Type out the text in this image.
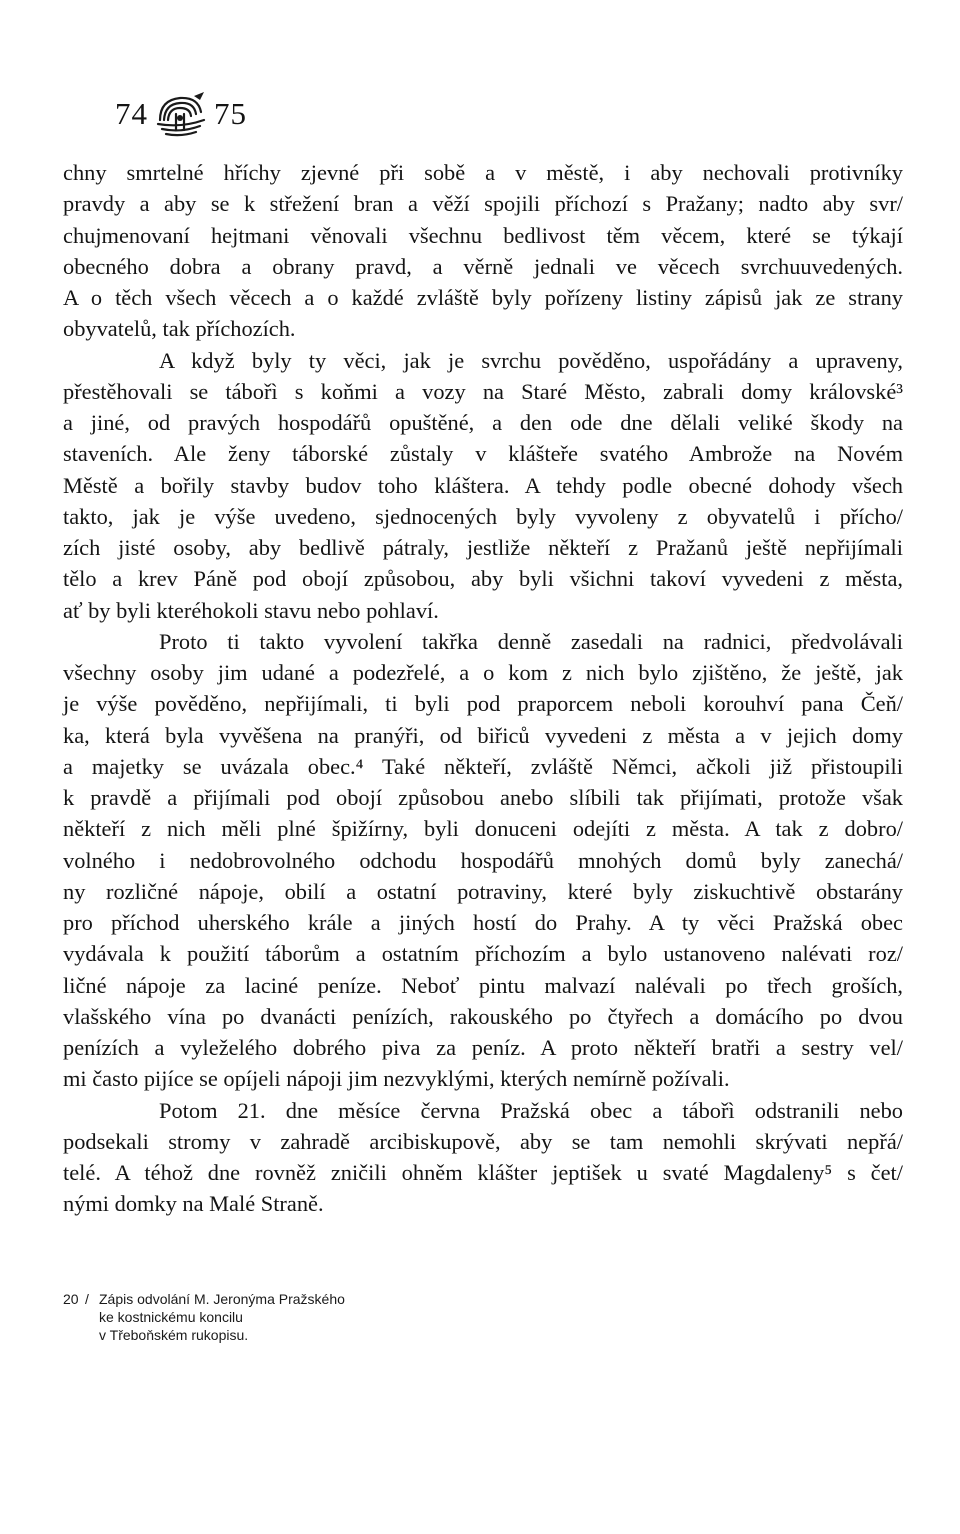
74 75

chny smrtelné hříchy zjevné při sobě a v městě, i aby nechovali protivníky
pravdy a aby se k střežení bran a věží spojili příchozí s Pražany; nadto aby svr/
chujmenovaní hejtmani věnovali všechnu bedlivost těm věcem, které se týkají
obecného dobra a obrany pravd, a věrně jednali ve věcech svrchuuvedených.
A o těch všech věcech a o každé zvláště byly pořízeny listiny zápisů jak ze strany
obyvatelů, tak příchozích.

A když byly ty věci, jak je svrchu pověděno, uspořádány a upraveny,
přestěhovali se tábořì s koňmi a vozy na Staré Město, zabrali domy královské³
a jiné, od pravých hospodářů opuštěné, a den ode dne dělali veliké škody na
staveních. Ale ženy táborské zůstaly v klášteře svatého Ambrože na Novém
Městě a bořily stavby budov toho kláštera. A tehdy podle obecné dohody všech
takto, jak je výše uvedeno, sjednocených byly vyvoleny z obyvatelů i přícho/
zích jisté osoby, aby bedlivě pátraly, jestliže někteří z Pražanů ještě nepřijímali
tělo a krev Páně pod obojí způsobou, aby byli všichni takoví vyvedeni z města,
ať by byli kteréhokoli stavu nebo pohlaví.

Proto ti takto vyvolení takřka denně zasedali na radnici, předvolávali
všechny osoby jim udané a podezřelé, a o kom z nich bylo zjištěno, že ještě, jak
je výše pověděno, nepřijímali, ti byli pod praporcem neboli korouhví pana Čeň/
ka, která byla vyvěšena na pranýři, od biřiců vyvedeni z města a v jejich domy
a majetky se uvázala obec.⁴ Také někteří, zvláště Němci, ačkoli již přistoupili
k pravdě a přijímali pod obojí způsobou anebo slíbili tak přijímati, protože však
někteří z nich měli plné špižírny, byli donuceni odejíti z města. A tak z dobro/
volného i nedobrovolného odchodu hospodářů mnohých domů byly zanechá/
ny rozličné nápoje, obilí a ostatní potraviny, které byly ziskuchtivě obstarány
pro příchod uherského krále a jiných hostí do Prahy. A ty věci Pražská obec
vydávala k použití táborům a ostatním příchozím a bylo ustanoveno nalévati roz/
ličné nápoje za laciné peníze. Neboť pintu malvazí nalévali po třech groších,
vlašského vína po dvanácti penízích, rakouského po čtyřech a domácího po dvou
penízích a vyleželého dobrého piva za peníz. A proto někteří bratři a sestry vel/
mi často pijíce se opíjeli nápoji jim nezvyklými, kterých nemírně požívali.

Potom 21. dne měsíce června Pražská obec a tábořì odstranili nebo
podsekali stromy v zahradě arcibiskupově, aby se tam nemohli skrývati nepřá/
telé. A téhož dne rovněž zničili ohněm klášter jeptišek u svaté Magdaleny⁵ s čet/
nými domky na Malé Straně.

20 / Zápis odvolání M. Jeronýma Pražského
ke kostnickému koncilu
v Třeboňském rukopisu.
